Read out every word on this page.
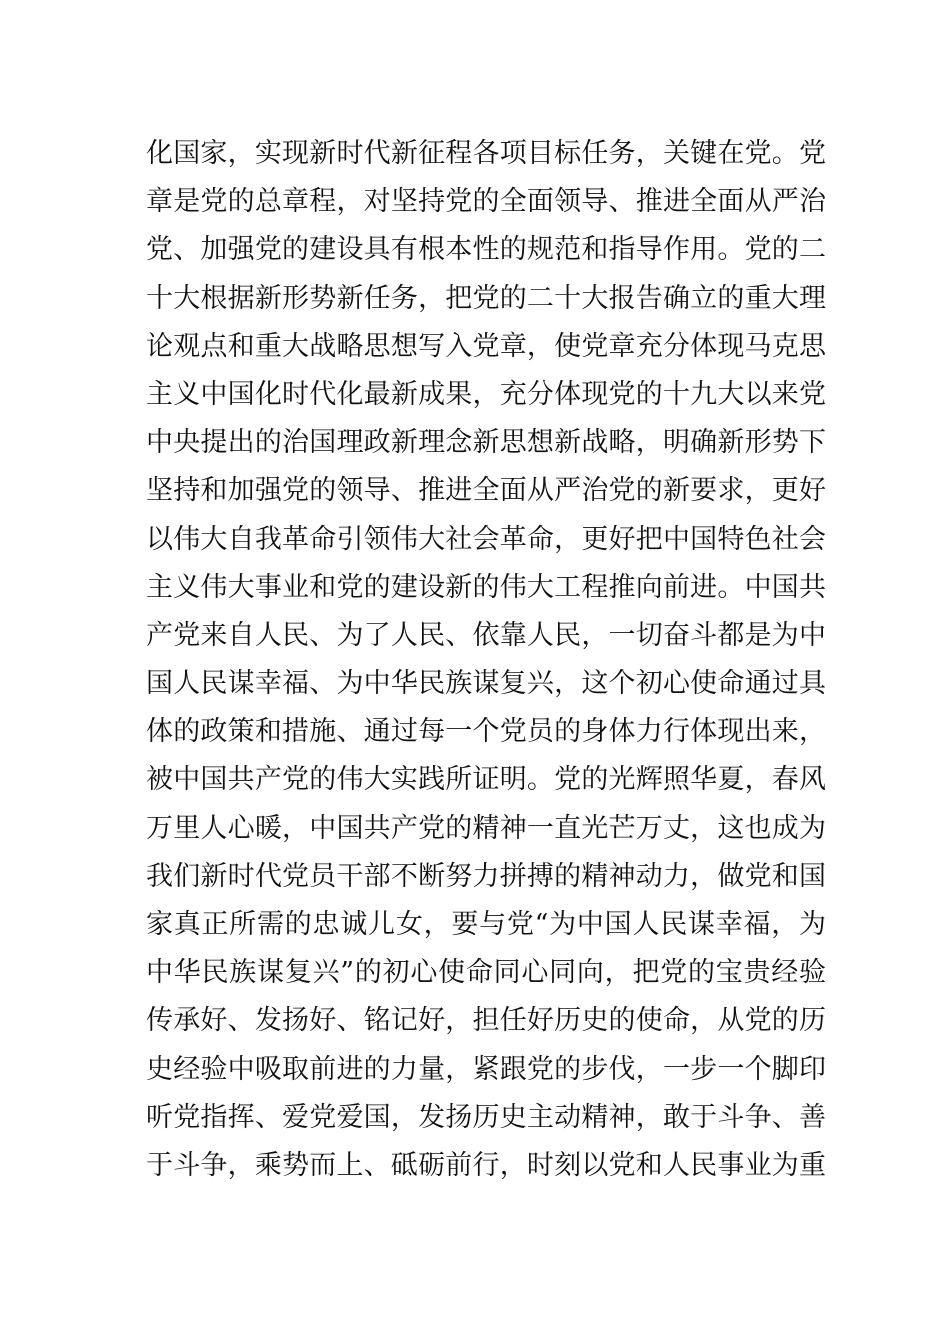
化国家，实现新时代新征程各项目标任务，关键在党。党
章是党的总章程，对坚持党的全面领导、推进全面从严治
党、加强党的建设具有根本性的规范和指导作用。党的二
十大根据新形势新任务，把党的二十大报告确立的重大理
论观点和重大战略思想写入党章，使党章充分体现马克思
主义中国化时代化最新成果，充分体现党的十九大以来党
中央提出的治国理政新理念新思想新战略，明确新形势下
坚持和加强党的领导、推进全面从严治党的新要求，更好
以伟大自我革命引领伟大社会革命，更好把中国特色社会
主义伟大事业和党的建设新的伟大工程推向前进。中国共
产党来自人民、为了人民、依靠人民，一切奋斗都是为中
国人民谋幸福、为中华民族谋复兴，这个初心使命通过具
体的政策和措施、通过每一个党员的身体力行体现出来，
被中国共产党的伟大实践所证明。党的光辉照华夏，春风
万里人心暖，中国共产党的精神一直光芒万丈，这也成为
我们新时代党员干部不断努力拼搏的精神动力，做党和国
家真正所需的忠诚儿女，要与党“为中国人民谋幸福，为
中华民族谋复兴”的初心使命同心同向，把党的宝贵经验
传承好、发扬好、铭记好，担任好历史的使命，从党的历
史经验中吸取前进的力量，紧跟党的步伐，一步一个脚印
听党指挥、爱党爱国，发扬历史主动精神，敢于斗争、善
于斗争，乘势而上、砥砺前行，时刻以党和人民事业为重
